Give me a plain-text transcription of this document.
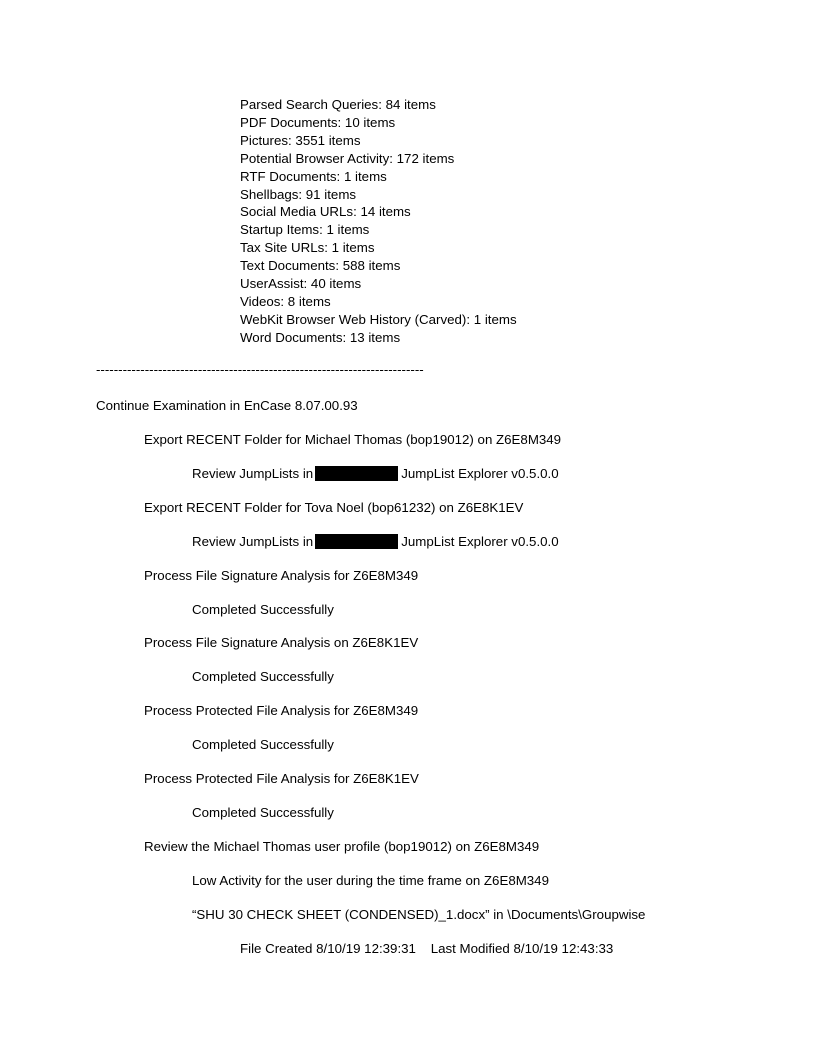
Parsed Search Queries: 84 items
PDF Documents: 10 items
Pictures: 3551 items
Potential Browser Activity: 172 items
RTF Documents: 1 items
Shellbags: 91 items
Social Media URLs: 14 items
Startup Items: 1 items
Tax Site URLs: 1 items
Text Documents: 588 items
UserAssist: 40 items
Videos: 8 items
WebKit Browser Web History (Carved): 1 items
Word Documents: 13 items
--------------------------------------------------------------------------
Continue Examination in EnCase 8.07.00.93
Export RECENT Folder for Michael Thomas (bop19012) on Z6E8M349
Review JumpLists in	JumpList Explorer v0.5.0.0
Export RECENT Folder for Tova Noel (bop61232) on Z6E8K1EV
Review JumpLists in	JumpList Explorer v0.5.0.0
Process File Signature Analysis for Z6E8M349
Completed Successfully
Process File Signature Analysis on Z6E8K1EV
Completed Successfully
Process Protected File Analysis for Z6E8M349
Completed Successfully
Process Protected File Analysis for Z6E8K1EV
Completed Successfully
Review the Michael Thomas user profile (bop19012) on Z6E8M349
Low Activity for the user during the time frame on Z6E8M349
“SHU 30 CHECK SHEET (CONDENSED)_1.docx” in \Documents\Groupwise
File Created 8/10/19 12:39:31    Last Modified 8/10/19 12:43:33
